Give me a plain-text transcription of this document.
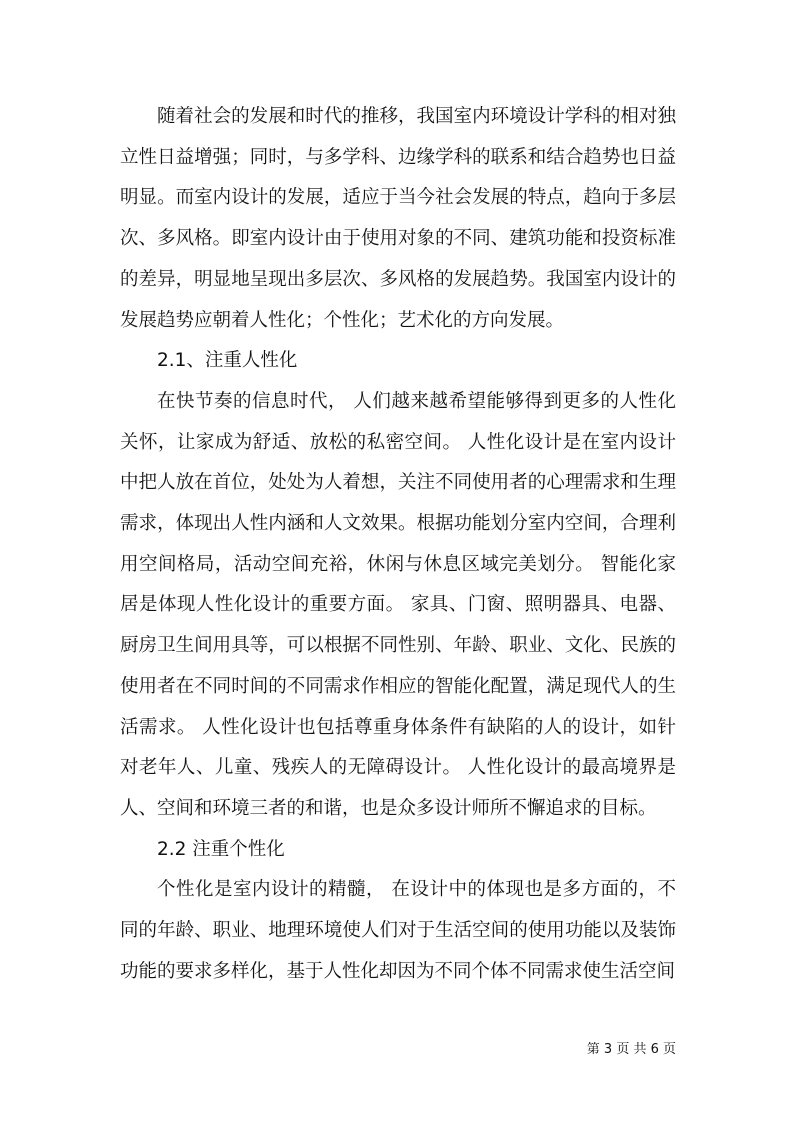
随着社会的发展和时代的推移，我国室内环境设计学科的相对独立性日益增强；同时，与多学科、边缘学科的联系和结合趋势也日益明显。而室内设计的发展，适应于当今社会发展的特点，趋向于多层次、多风格。即室内设计由于使用对象的不同、建筑功能和投资标准的差异，明显地呈现出多层次、多风格的发展趋势。我国室内设计的发展趋势应朝着人性化；个性化；艺术化的方向发展。

2.1、注重人性化

在快节奏的信息时代， 人们越来越希望能够得到更多的人性化关怀，让家成为舒适、放松的私密空间。 人性化设计是在室内设计中把人放在首位，处处为人着想，关注不同使用者的心理需求和生理需求，体现出人性内涵和人文效果。根据功能划分室内空间，合理利用空间格局，活动空间充裕，休闲与休息区域完美划分。 智能化家居是体现人性化设计的重要方面。 家具、门窗、照明器具、电器、厨房卫生间用具等，可以根据不同性别、年龄、职业、文化、民族的使用者在不同时间的不同需求作相应的智能化配置，满足现代人的生活需求。 人性化设计也包括尊重身体条件有缺陷的人的设计，如针对老年人、儿童、残疾人的无障碍设计。 人性化设计的最高境界是人、空间和环境三者的和谐，也是众多设计师所不懈追求的目标。

2.2 注重个性化

个性化是室内设计的精髓， 在设计中的体现也是多方面的，不同的年龄、职业、地理环境使人们对于生活空间的使用功能以及装饰功能的要求多样化，基于人性化却因为不同个体不同需求使生活空间

第 3 页 共 6 页
